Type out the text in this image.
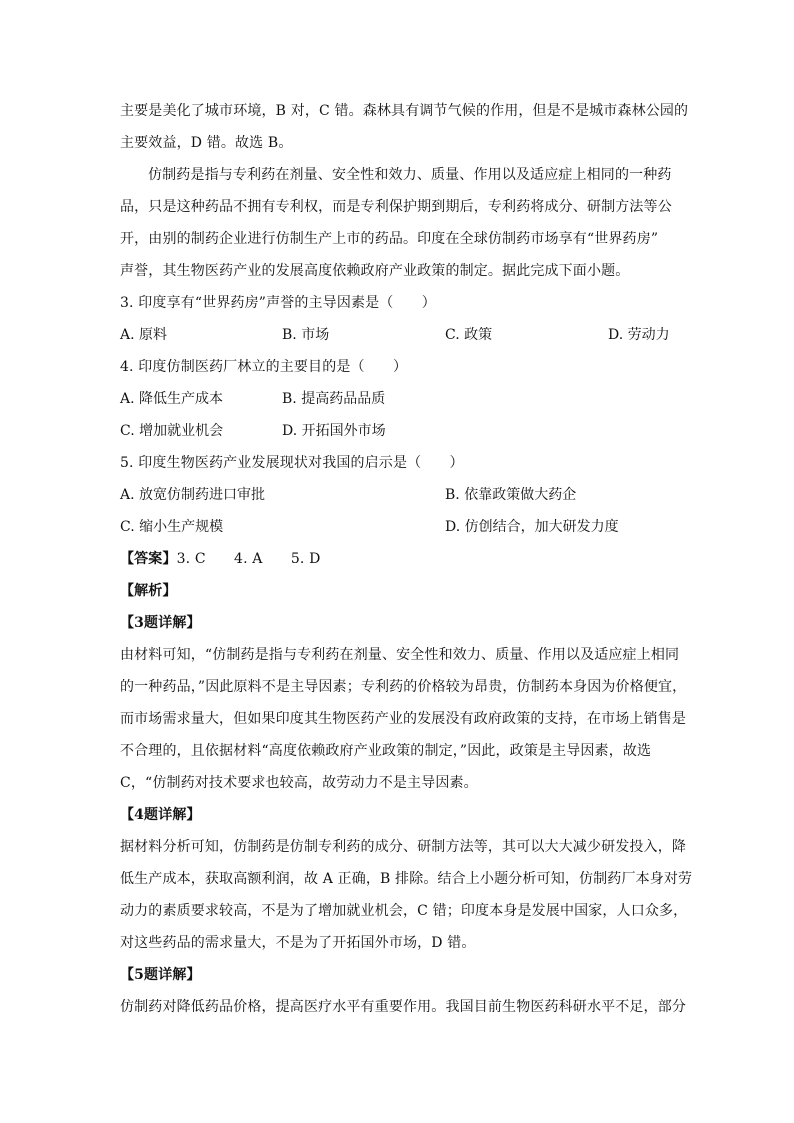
主要是美化了城市环境，B 对，C 错。森林具有调节气候的作用，但是不是城市森林公园的
主要效益，D 错。故选 B。
仿制药是指与专利药在剂量、安全性和效力、质量、作用以及适应症上相同的一种药
品，只是这种药品不拥有专利权，而是专利保护期到期后，专利药将成分、研制方法等公
开，由别的制药企业进行仿制生产上市的药品。印度在全球仿制药市场享有“世界药房”
声誉，其生物医药产业的发展高度依赖政府产业政策的制定。据此完成下面小题。
3. 印度享有“世界药房”声誉的主导因素是（　　）
A. 原料	B. 市场	C. 政策	D. 劳动力
4. 印度仿制医药厂林立的主要目的是（　　）
A. 降低生产成本	B. 提高药品品质
C. 增加就业机会	D. 开拓国外市场
5. 印度生物医药产业发展现状对我国的启示是（　　）
A. 放宽仿制药进口审批	B. 依靠政策做大药企
C. 缩小生产规模	D. 仿创结合，加大研发力度
【答案】3. C　　4. A　　5. D
【解析】
【3题详解】
由材料可知，“仿制药是指与专利药在剂量、安全性和效力、质量、作用以及适应症上相同
的一种药品，”因此原料不是主导因素；专利药的价格较为昂贵，仿制药本身因为价格便宜，
而市场需求量大，但如果印度其生物医药产业的发展没有政府政策的支持，在市场上销售是
不合理的，且依据材料“高度依赖政府产业政策的制定，”因此，政策是主导因素，故选
C，“仿制药对技术要求也较高，故劳动力不是主导因素。
【4题详解】
据材料分析可知，仿制药是仿制专利药的成分、研制方法等，其可以大大减少研发投入，降
低生产成本，获取高额利润，故 A 正确，B 排除。结合上小题分析可知，仿制药厂本身对劳
动力的素质要求较高，不是为了增加就业机会，C 错；印度本身是发展中国家，人口众多，
对这些药品的需求量大，不是为了开拓国外市场，D 错。
【5题详解】
仿制药对降低药品价格，提高医疗水平有重要作用。我国目前生物医药科研水平不足，部分
